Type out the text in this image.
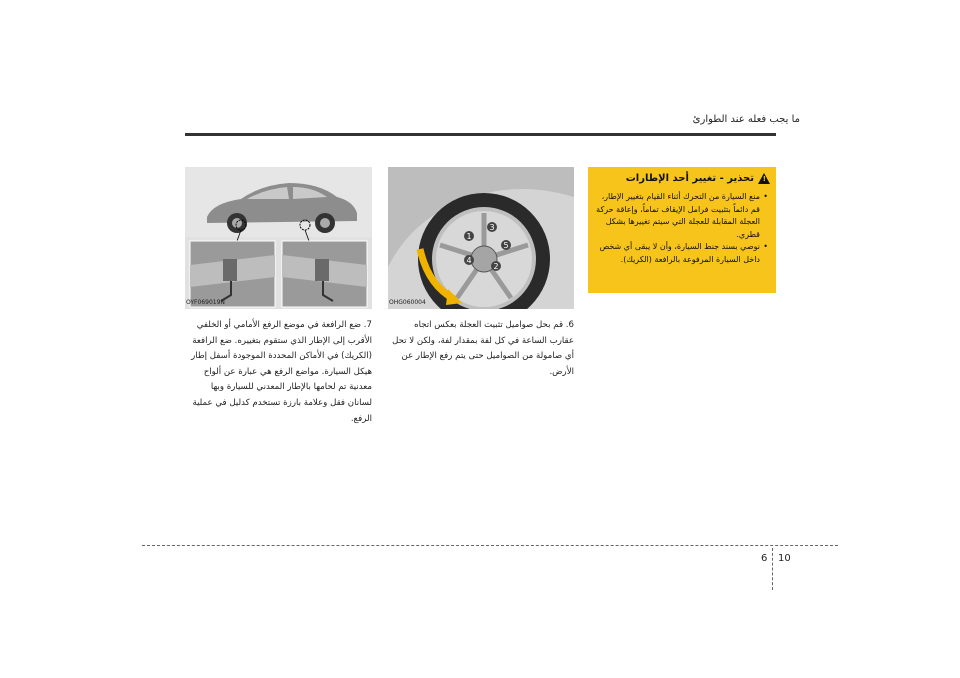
ما يجب فعله عند الطوارئ
!
تحذير - تغيير أحد الإطارات
• منع السيارة من التحرك أثناء القيام بتغيير الإطار، قم دائماً بتثبيت فرامل الإيقاف تماماً، وإعاقة حركة العجلة المقابلة للعجلة التي سيتم تغييرها بشكل قطري.
• نوصي بسند جنط السيارة، وأن لا يبقى أي شخص داخل السيارة المرفوعة بالرافعة (الكريك).
1
2
3
4
5
OHG060004
OYF069019N
6. قم بحل صواميل تثبيت العجلة بعكس اتجاه عقارب الساعة في كل لفة بمقدار لفة، ولكن لا تحل أي صامولة من الصواميل حتى يتم رفع الإطار عن الأرض.
7. ضع الرافعة في موضع الرفع الأمامي أو الخلفي الأقرب إلى الإطار الذي ستقوم بتغييره. ضع الرافعة (الكريك) في الأماكن المحددة الموجودة أسفل إطار هيكل السيارة. مواضع الرفع هي عبارة عن ألواح معدنية تم لحامها بالإطار المعدني للسيارة وبها لسانان فقل وعلامة بارزة تستخدم كدليل في عملية الرفع.
6 10
